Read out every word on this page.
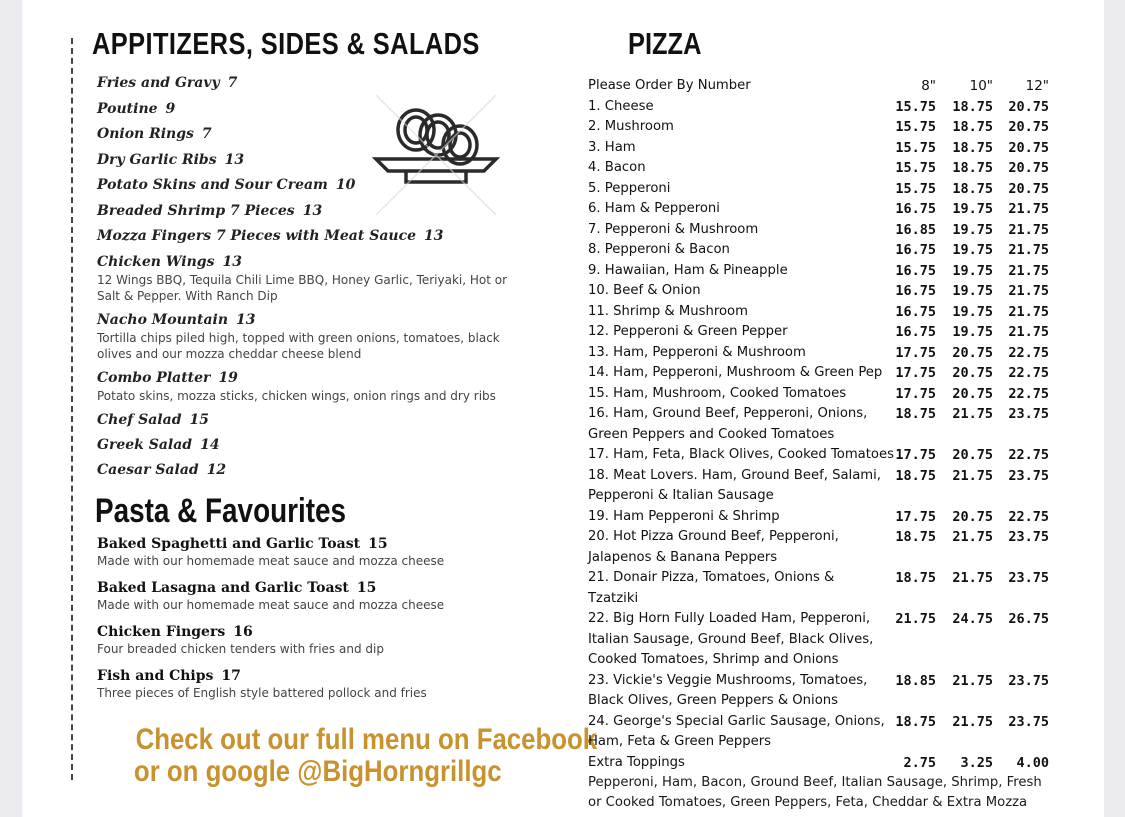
APPITIZERS, SIDES & SALADS
Fries and Gravy 7
Poutine 9
Onion Rings 7
Dry Garlic Ribs 13
Potato Skins and Sour Cream 10
Breaded Shrimp 7 Pieces 13
Mozza Fingers 7 Pieces with Meat Sauce 13
Chicken Wings 13
12 Wings BBQ, Tequila Chili Lime BBQ, Honey Garlic, Teriyaki, Hot or Salt & Pepper. With Ranch Dip
Nacho Mountain 13
Tortilla chips piled high, topped with green onions, tomatoes, black olives and our mozza cheddar cheese blend
Combo Platter 19
Potato skins, mozza sticks, chicken wings, onion rings and dry ribs
Chef Salad 15
Greek Salad 14
Caesar Salad 12
Pasta & Favourites
Baked Spaghetti and Garlic Toast 15
Made with our homemade meat sauce and mozza cheese
Baked Lasagna and Garlic Toast 15
Made with our homemade meat sauce and mozza cheese
Chicken Fingers 16
Four breaded chicken tenders with fries and dip
Fish and Chips 17
Three pieces of English style battered pollock and fries
Check out our full menu on Facebook
or on google @BigHorngrillgc
PIZZA
Please Order By Number	8"	10"	12"
1. Cheese	15.75	18.75	20.75
2. Mushroom	15.75	18.75	20.75
3. Ham	15.75	18.75	20.75
4. Bacon	15.75	18.75	20.75
5. Pepperoni	15.75	18.75	20.75
6. Ham & Pepperoni	16.75	19.75	21.75
7. Pepperoni & Mushroom	16.85	19.75	21.75
8. Pepperoni & Bacon	16.75	19.75	21.75
9. Hawaiian, Ham & Pineapple	16.75	19.75	21.75
10. Beef & Onion	16.75	19.75	21.75
11. Shrimp & Mushroom	16.75	19.75	21.75
12. Pepperoni & Green Pepper	16.75	19.75	21.75
13. Ham, Pepperoni & Mushroom	17.75	20.75	22.75
14. Ham, Pepperoni, Mushroom & Green Pep 17.75	20.75	22.75
15. Ham, Mushroom, Cooked Tomatoes	17.75	20.75	22.75
16. Ham, Ground Beef, Pepperoni, Onions, Green Peppers and Cooked Tomatoes
18.75	21.75	23.75
17. Ham, Feta, Black Olives, Cooked Tomatoes 17.75	20.75	22.75
18. Meat Lovers. Ham, Ground Beef, Salami, Pepperoni & Italian Sausage
18.75	21.75	23.75
19. Ham Pepperoni & Shrimp	17.75	20.75	22.75
20. Hot Pizza Ground Beef, Pepperoni, Jalapenos & Banana Peppers
18.75	21.75	23.75
21. Donair Pizza, Tomatoes, Onions & Tzatziki
18.75	21.75	23.75
22. Big Horn Fully Loaded Ham, Pepperoni, Italian Sausage, Ground Beef, Black Olives, Cooked Tomatoes, Shrimp and Onions
21.75	24.75	26.75
23. Vickie's Veggie Mushrooms, Tomatoes, Black Olives, Green Peppers & Onions
18.85	21.75	23.75
24. George's Special Garlic Sausage, Onions, Ham, Feta & Green Peppers
18.75	21.75	23.75
Extra Toppings	2.75	3.25	4.00
Pepperoni, Ham, Bacon, Ground Beef, Italian Sausage, Shrimp, Fresh or Cooked Tomatoes, Green Peppers, Feta, Cheddar & Extra Mozza
